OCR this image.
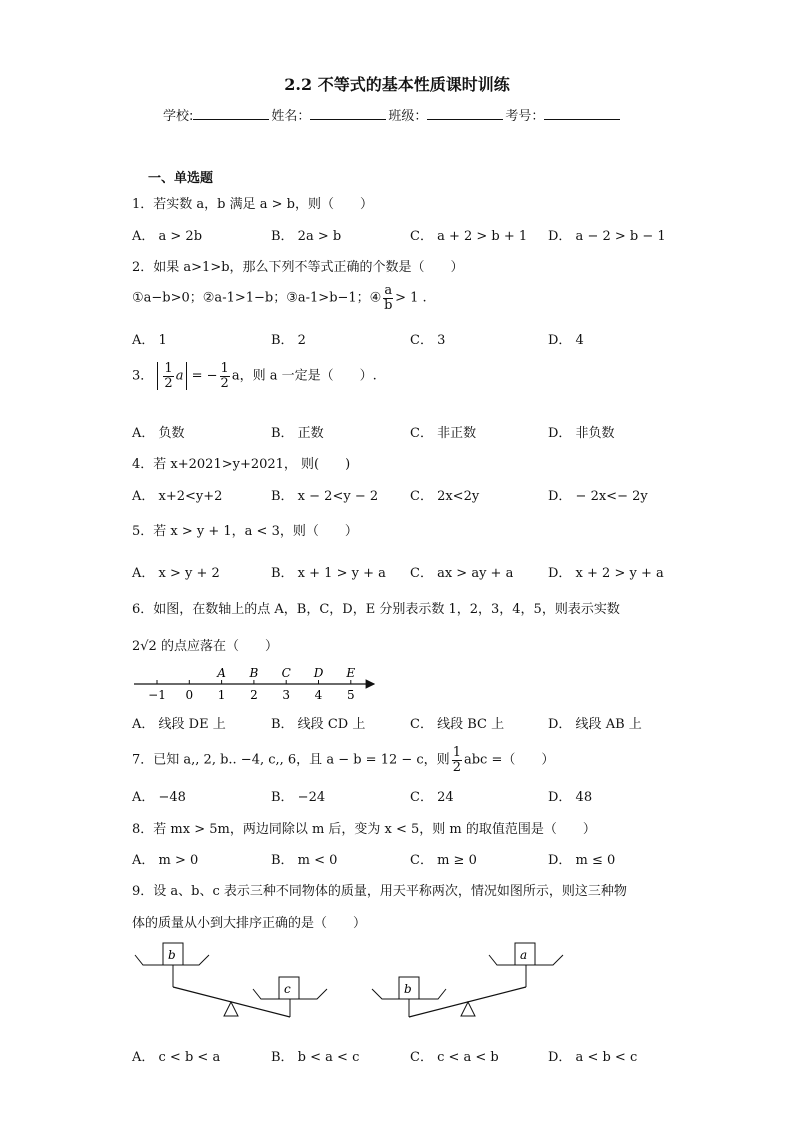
2.2 不等式的基本性质课时训练
学校:	姓名：	班级：	考号：
一、单选题
1．若实数 a，b 满足 a > b，则（　　）
A． a > 2b	B． 2a > b	C． a + 2 > b + 1 D． a − 2 > b − 1
2．如果 a>1>b，那么下列不等式正确的个数是（　　）
①a−b>0；②a-1>1−b；③a-1>b−1；④ $\frac{a}{b} > 1$ .
A． 1	B． 2	C． 3	D． 4
3． $\frac{1}{2}$ a = − $\frac{1}{2}$ a，则 a 一定是（　　）.
A． 负数	B． 正数	C． 非正数	D． 非负数
4．若 x+2021>y+2021， 则(　　)
A． x+2<y+2	B． x − 2<y − 2 C． 2x<2y	D． − 2x<− 2y
5．若 x > y + 1，a < 3，则（　　）
A． x > y + 2	B． x + 1 > y + a C． ax > ay + a	D． x + 2 > y + a
6．如图，在数轴上的点 A，B，C，D，E 分别表示数 1，2，3，4，5，则表示实数
2√2 的点应落在（　　）
−1 0 1 2 3 4 5
A B C D E
A． 线段 DE 上	B． 线段 CD 上	C． 线段 BC 上	D． 线段 AB 上
7．已知 a,, 2, b.. −4, c,, 6，且 a − b = 12 − c，则 $\frac{1}{2}$ abc =（　　）
A． −48	B． −24	C． 24	D． 48
8．若 mx > 5m，两边同除以 m 后，变为 x < 5，则 m 的取值范围是（　　）
A． m > 0	B． m < 0	C． m ≥ 0	D． m ≤ 0
9．设 a、b、c 表示三种不同物体的质量，用天平称两次，情况如图所示，则这三种物
体的质量从小到大排序正确的是（　　）
b
c	b
a
A． c < b < a	B． b < a < c	C． c < a < b	D． a < b < c
